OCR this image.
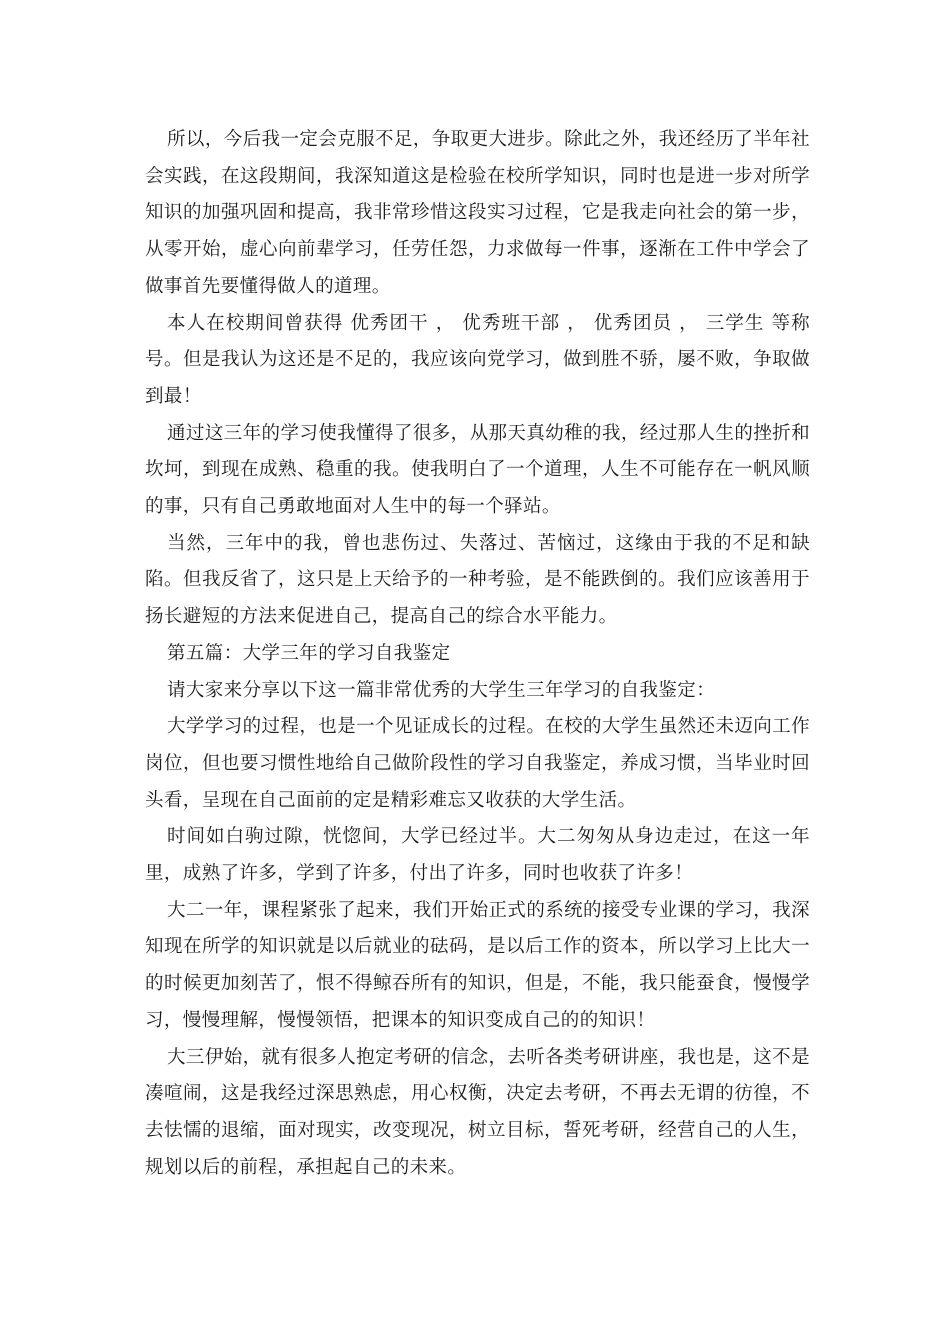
所以，今后我一定会克服不足，争取更大进步。除此之外，我还经历了半年社会实践，在这段期间，我深知道这是检验在校所学知识，同时也是进一步对所学知识的加强巩固和提高，我非常珍惜这段实习过程，它是我走向社会的第一步，从零开始，虚心向前辈学习，任劳任怨，力求做每一件事，逐渐在工件中学会了做事首先要懂得做人的道理。

本人在校期间曾获得 优秀团干 ， 优秀班干部 ， 优秀团员 ， 三学生 等称号。但是我认为这还是不足的，我应该向党学习，做到胜不骄，屡不败，争取做到最！

通过这三年的学习使我懂得了很多，从那天真幼稚的我，经过那人生的挫折和坎坷，到现在成熟、稳重的我。使我明白了一个道理，人生不可能存在一帆风顺的事，只有自己勇敢地面对人生中的每一个驿站。

当然，三年中的我，曾也悲伤过、失落过、苦恼过，这缘由于我的不足和缺陷。但我反省了，这只是上天给予的一种考验，是不能跌倒的。我们应该善用于扬长避短的方法来促进自己，提高自己的综合水平能力。

第五篇：大学三年的学习自我鉴定

请大家来分享以下这一篇非常优秀的大学生三年学习的自我鉴定：

大学学习的过程，也是一个见证成长的过程。在校的大学生虽然还未迈向工作岗位，但也要习惯性地给自己做阶段性的学习自我鉴定，养成习惯，当毕业时回头看，呈现在自己面前的定是精彩难忘又收获的大学生活。

时间如白驹过隙，恍惚间，大学已经过半。大二匆匆从身边走过，在这一年里，成熟了许多，学到了许多，付出了许多，同时也收获了许多！

大二一年，课程紧张了起来，我们开始正式的系统的接受专业课的学习，我深知现在所学的知识就是以后就业的砝码，是以后工作的资本，所以学习上比大一的时候更加刻苦了，恨不得鲸吞所有的知识，但是，不能，我只能蚕食，慢慢学习，慢慢理解，慢慢领悟，把课本的知识变成自己的的知识！

大三伊始，就有很多人抱定考研的信念，去听各类考研讲座，我也是，这不是凑喧闹，这是我经过深思熟虑，用心权衡，决定去考研，不再去无谓的彷徨，不去怯懦的退缩，面对现实，改变现况，树立目标，誓死考研，经营自己的人生，规划以后的前程，承担起自己的未来。
